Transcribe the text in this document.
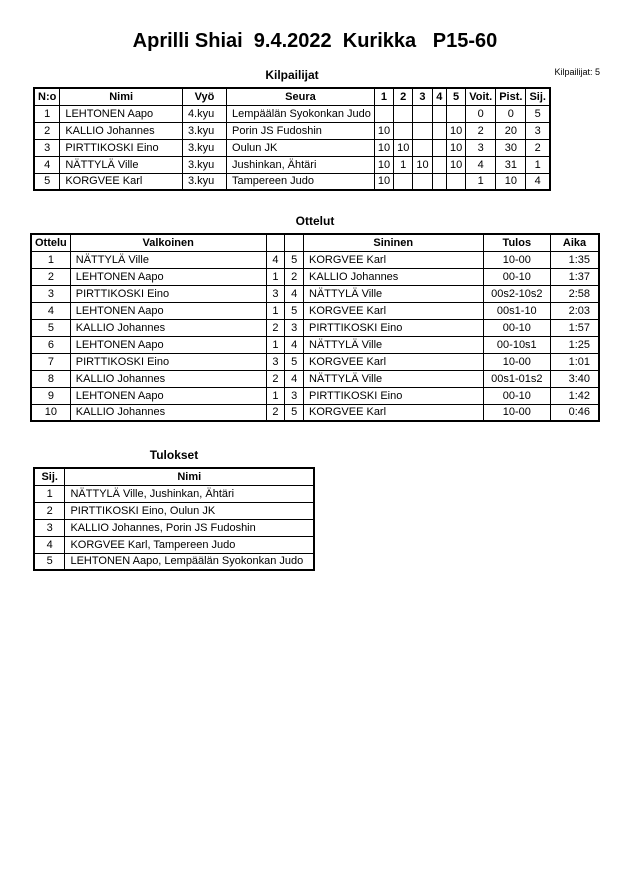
Aprilli Shiai  9.4.2022  Kurikka   P15-60
Kilpailijat: 5
Kilpailijat
N:o	Nimi	Vyö	Seura	1	2	3	4	5	Voit.	Pist.	Sij.
1	LEHTONEN Aapo	4.kyu	Lempäälän Syokonkan Judo						0	0	5
2	KALLIO Johannes	3.kyu	Porin JS Fudoshin	10				10	2	20	3
3	PIRTTIKOSKI Eino	3.kyu	Oulun JK	10	10			10	3	30	2
4	NÄTTYLÄ Ville	3.kyu	Jushinkan, Ähtäri	10	1	10		10	4	31	1
5	KORGVEE Karl	3.kyu	Tampereen Judo	10					1	10	4
Ottelut
Ottelu	Valkoinen			Sininen	Tulos	Aika
1	NÄTTYLÄ Ville	4	5	KORGVEE Karl	10-00	1:35
2	LEHTONEN Aapo	1	2	KALLIO Johannes	00-10	1:37
3	PIRTTIKOSKI Eino	3	4	NÄTTYLÄ Ville	00s2-10s2	2:58
4	LEHTONEN Aapo	1	5	KORGVEE Karl	00s1-10	2:03
5	KALLIO Johannes	2	3	PIRTTIKOSKI Eino	00-10	1:57
6	LEHTONEN Aapo	1	4	NÄTTYLÄ Ville	00-10s1	1:25
7	PIRTTIKOSKI Eino	3	5	KORGVEE Karl	10-00	1:01
8	KALLIO Johannes	2	4	NÄTTYLÄ Ville	00s1-01s2	3:40
9	LEHTONEN Aapo	1	3	PIRTTIKOSKI Eino	00-10	1:42
10	KALLIO Johannes	2	5	KORGVEE Karl	10-00	0:46
Tulokset
Sij.	Nimi
1	NÄTTYLÄ Ville, Jushinkan, Ähtäri
2	PIRTTIKOSKI Eino, Oulun JK
3	KALLIO Johannes, Porin JS Fudoshin
4	KORGVEE Karl, Tampereen Judo
5	LEHTONEN Aapo, Lempäälän Syokonkan Judo
